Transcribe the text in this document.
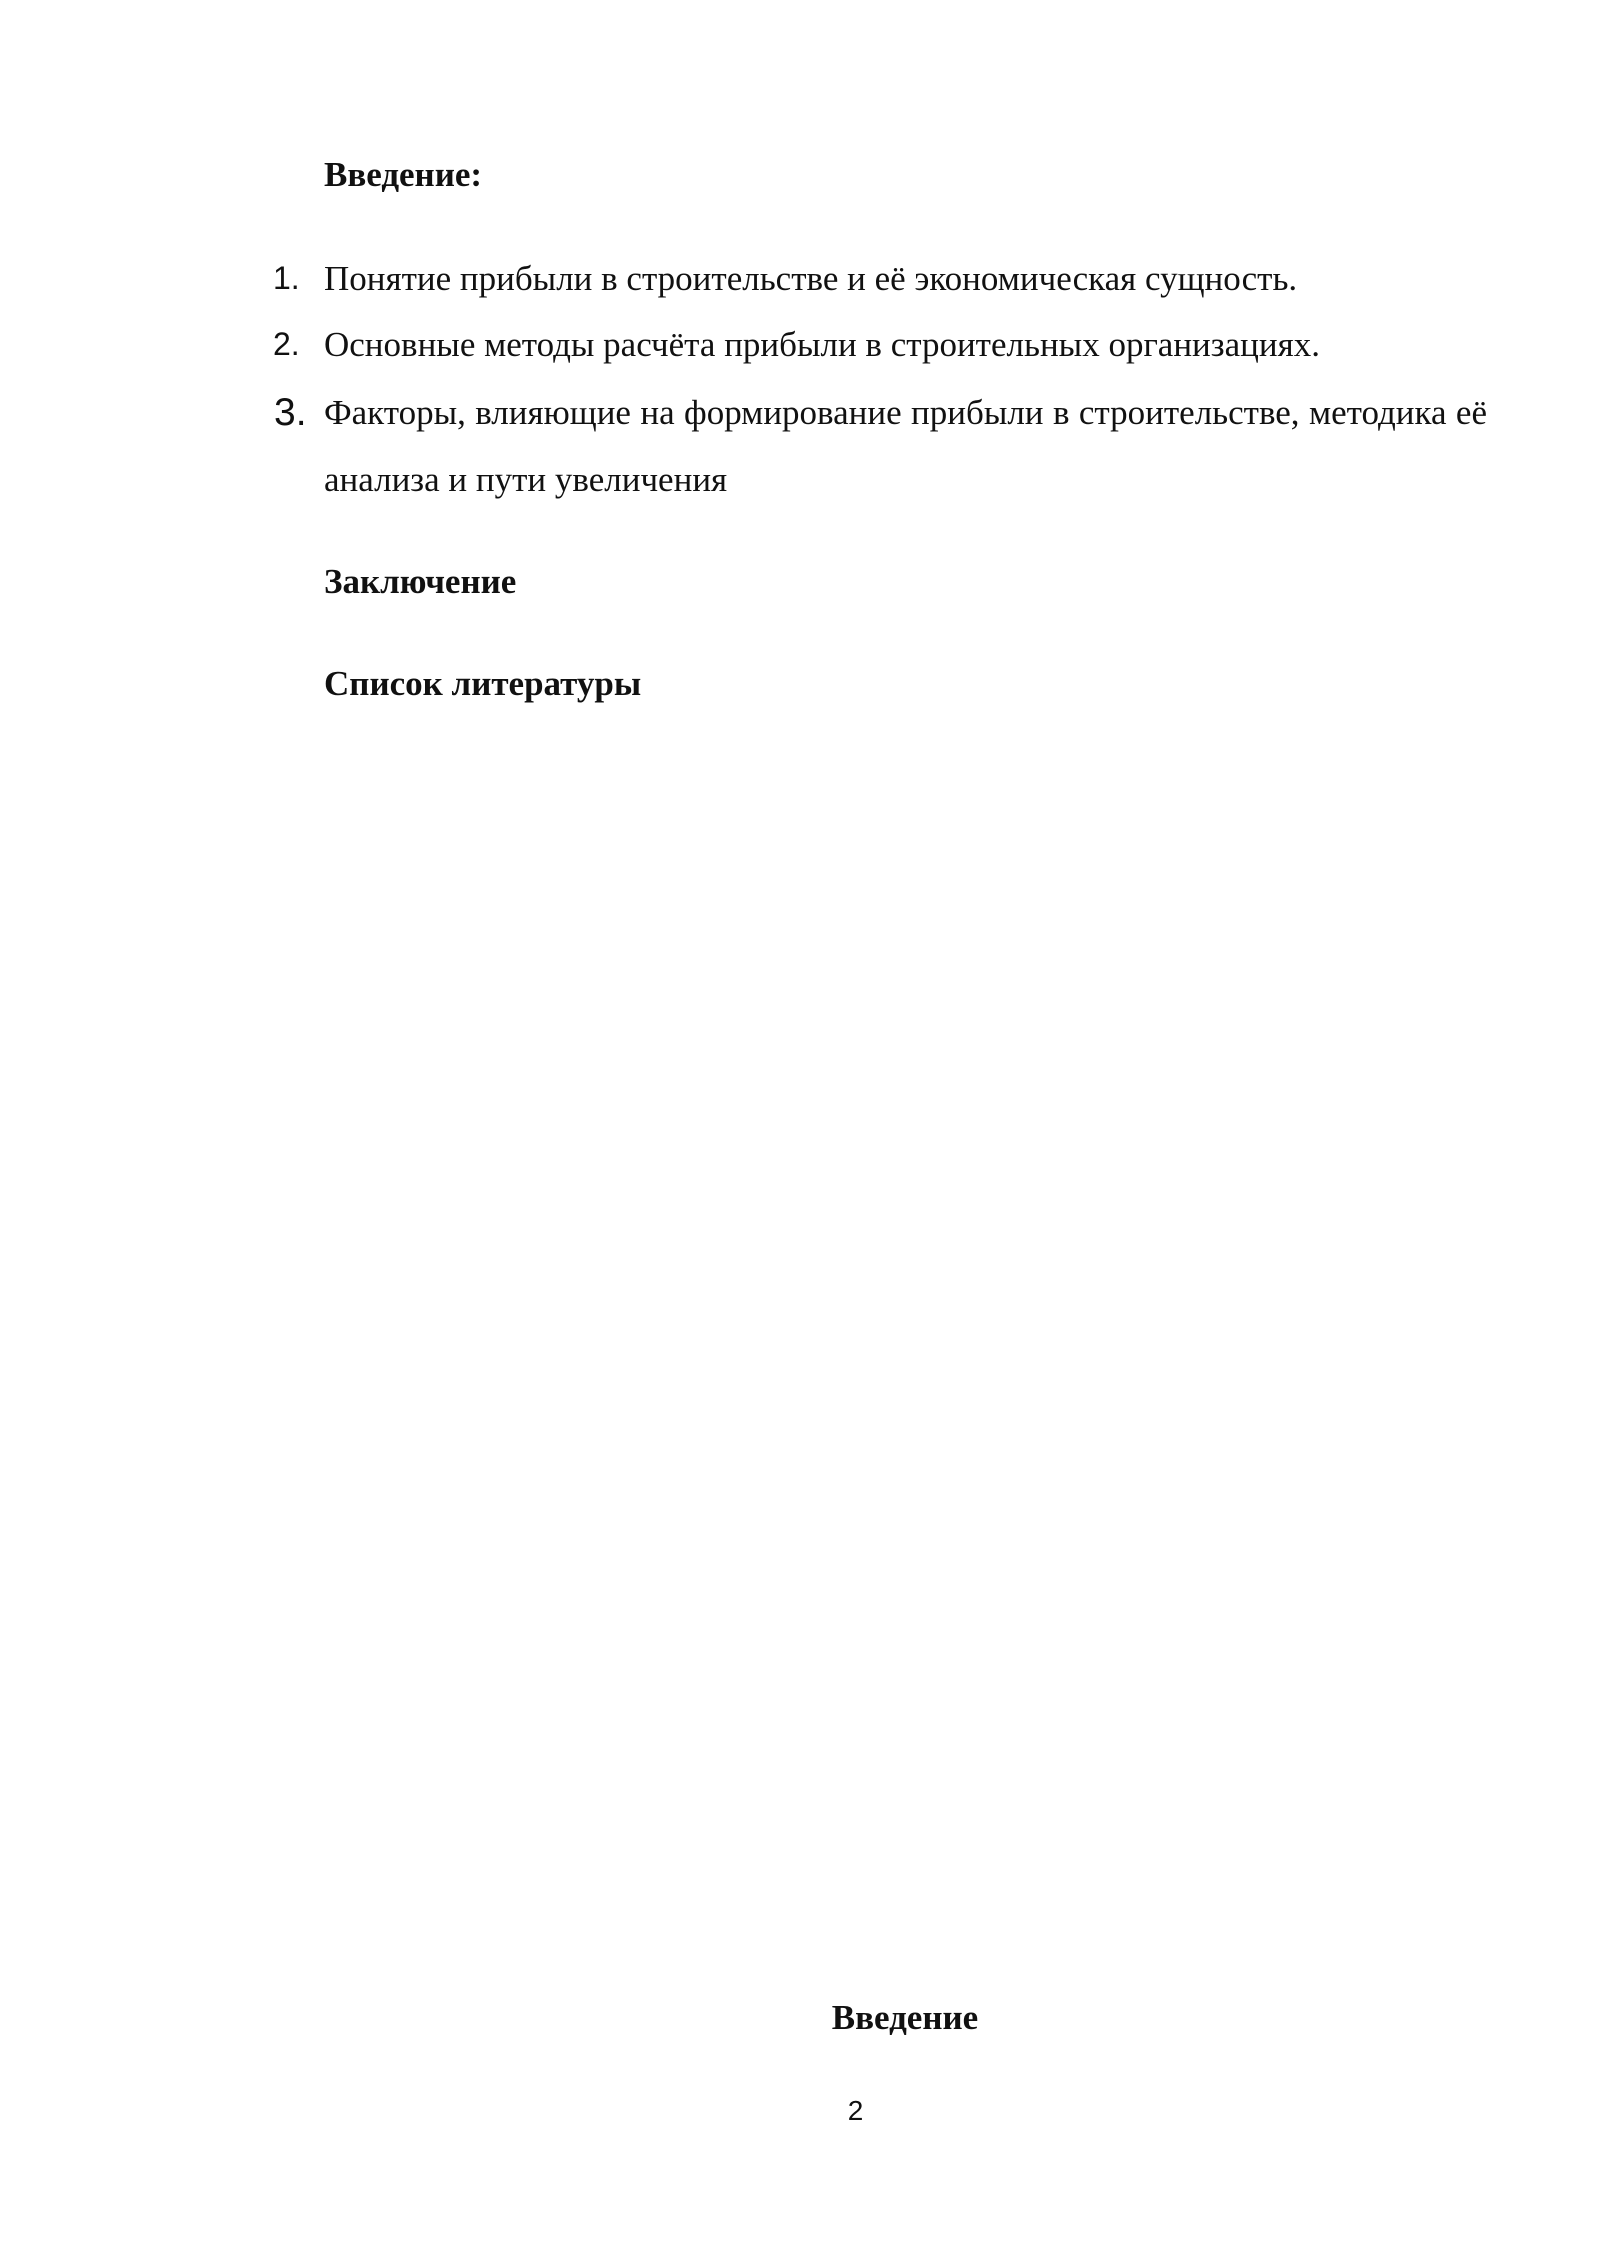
Введение:

1. Понятие прибыли в строительстве и её экономическая сущность.
2. Основные методы расчёта прибыли в строительных организациях.
3. Факторы, влияющие на формирование прибыли в строительстве, методика её анализа и пути увеличения

Заключение

Список литературы

Введение
2
